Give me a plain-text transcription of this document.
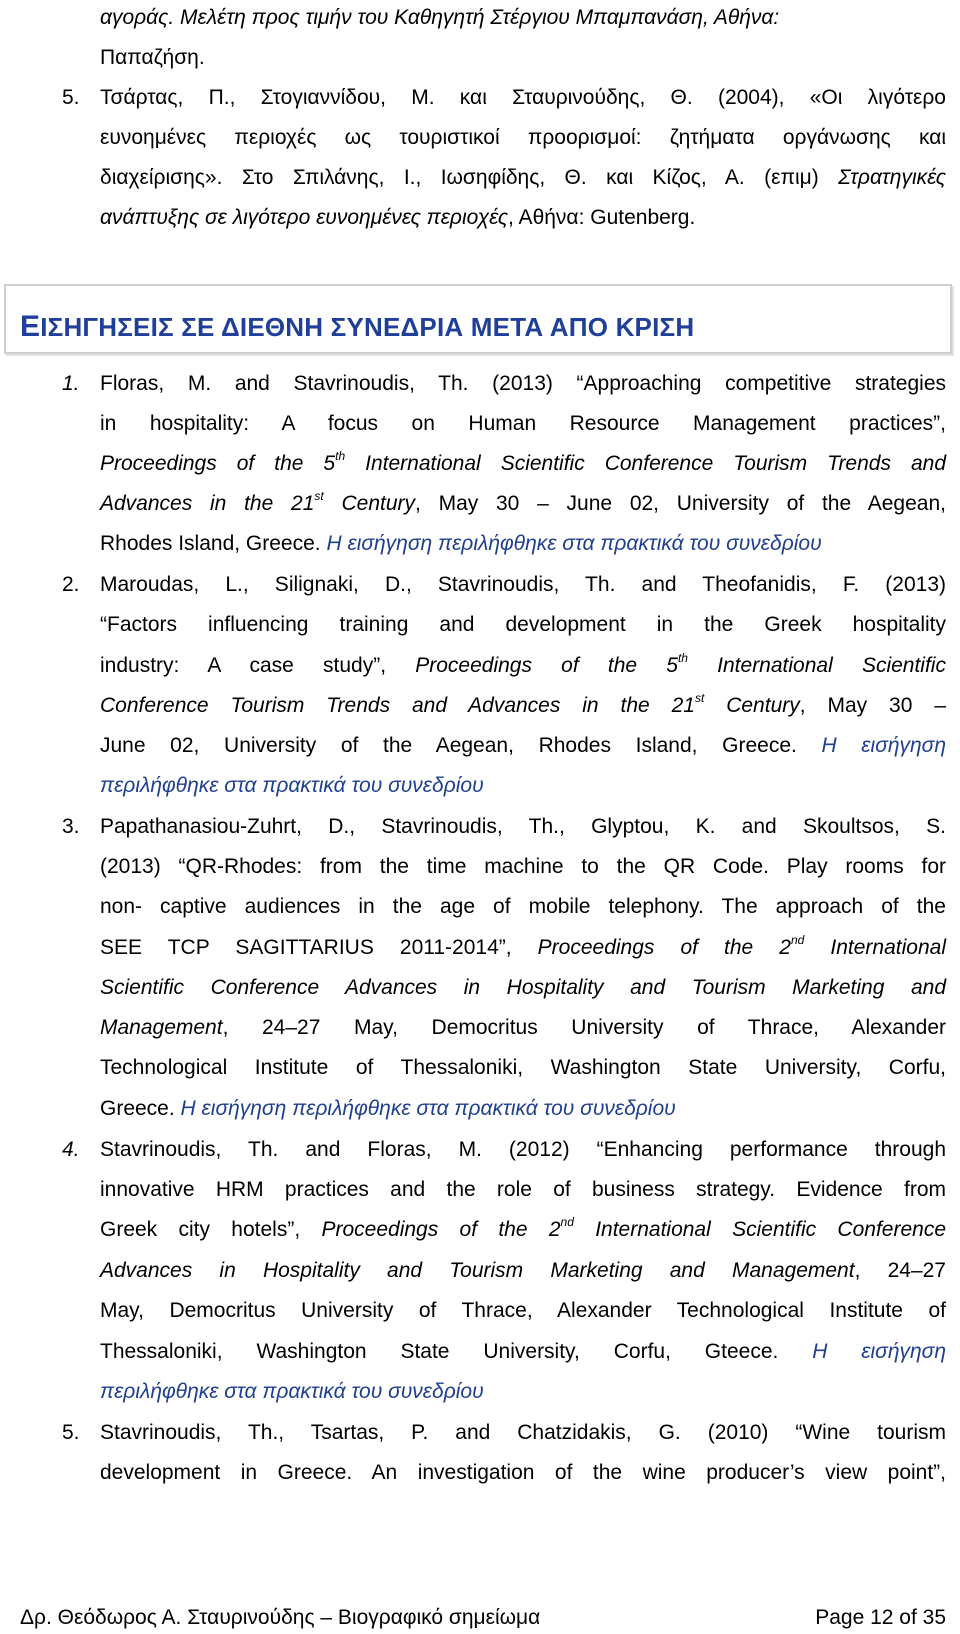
αγοράς. Μελέτη προς τιμήν του Καθηγητή Στέργιου Μπαμπανάση, Αθήνα:
Παπαζήση.
5. Τσάρτας, Π., Στογιαννίδου, Μ. και Σταυρινούδης, Θ. (2004), «Οι λιγότερο
ευνοημένες περιοχές ως τουριστικοί προορισμοί: ζητήματα οργάνωσης και
διαχείρισης». Στο Σπιλάνης, Ι., Ιωσηφίδης, Θ. και Κίζος, Α. (επιμ) Στρατηγικές
ανάπτυξης σε λιγότερο ευνοημένες περιοχές, Αθήνα: Gutenberg.
ΕΙΣΗΓΗΣΕΙΣ ΣΕ ΔΙΕΘΝΗ ΣΥΝΕΔΡΙΑ ΜΕΤΑ ΑΠΟ ΚΡΙΣΗ
1. Floras, M. and Stavrinoudis, Th. (2013) “Approaching competitive strategies
in hospitality: A focus on Human Resource Management practices”,
Proceedings of the 5th International Scientific Conference Tourism Trends and
Advances in the 21st Century, May 30 – June 02, University of the Aegean,
Rhodes Island, Greece. Η εισήγηση περιλήφθηκε στα πρακτικά του συνεδρίου
2. Maroudas, L., Silignaki, D., Stavrinoudis, Th. and Theofanidis, F. (2013)
“Factors influencing training and development in the Greek hospitality
industry: A case study”, Proceedings of the 5th International Scientific
Conference Tourism Trends and Advances in the 21st Century, May 30 –
June 02, University of the Aegean, Rhodes Island, Greece. Η εισήγηση
περιλήφθηκε στα πρακτικά του συνεδρίου
3. Papathanasiou-Zuhrt, D., Stavrinoudis, Th., Glyptou, K. and Skoultsos, S.
(2013) “QR-Rhodes: from the time machine to the QR Code. Play rooms for
non- captive audiences in the age of mobile telephony. The approach of the
SEE TCP SAGITTARIUS 2011-2014”, Proceedings of the 2nd International
Scientific Conference Advances in Hospitality and Tourism Marketing and
Management, 24–27 May, Democritus University of Thrace, Alexander
Technological Institute of Thessaloniki, Washington State University, Corfu,
Greece. Η εισήγηση περιλήφθηκε στα πρακτικά του συνεδρίου
4. Stavrinoudis, Th. and Floras, M. (2012) “Enhancing performance through
innovative HRM practices and the role of business strategy. Evidence from
Greek city hotels”, Proceedings of the 2nd International Scientific Conference
Advances in Hospitality and Tourism Marketing and Management, 24–27
May, Democritus University of Thrace, Alexander Technological Institute of
Thessaloniki, Washington State University, Corfu, Gteece. Η εισήγηση
περιλήφθηκε στα πρακτικά του συνεδρίου
5. Stavrinoudis, Th., Tsartas, P. and Chatzidakis, G. (2010) “Wine tourism
development in Greece. An investigation of the wine producer’s view point”,
Δρ. Θεόδωρος Α. Σταυρινούδης – Βιογραφικό σημείωμα	Page 12 of 35
